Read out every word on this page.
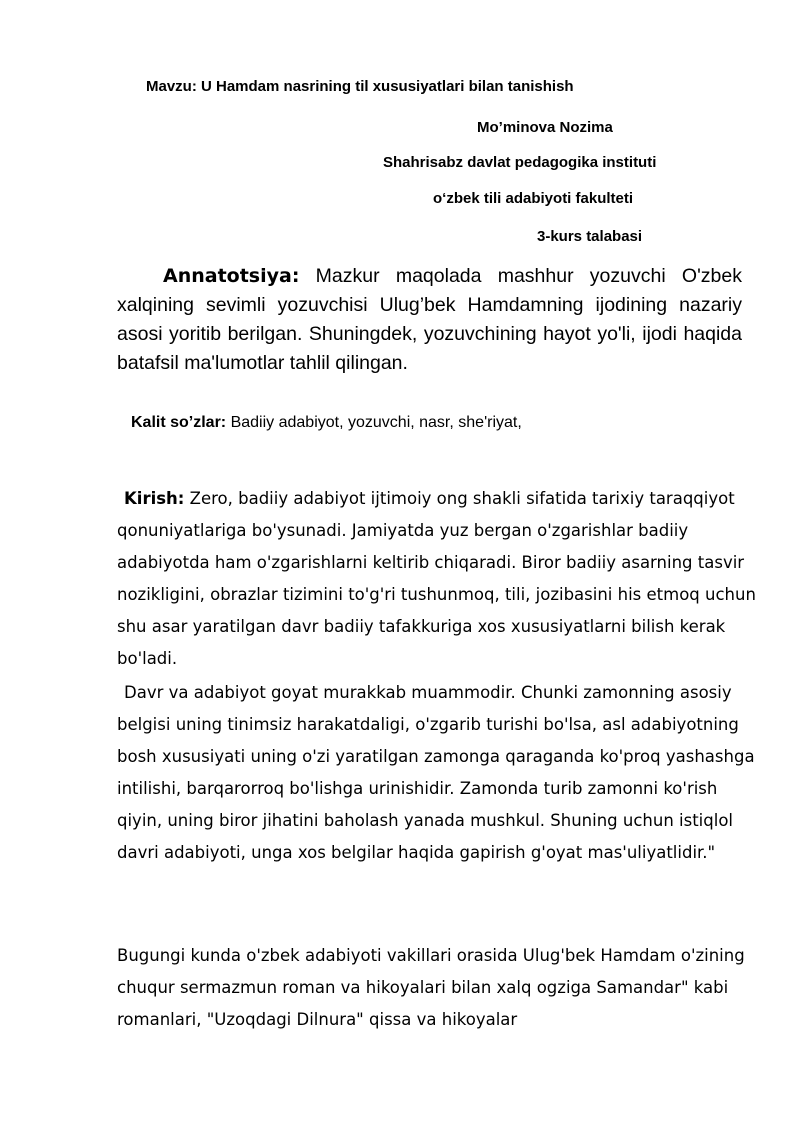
Mavzu: U Hamdam nasrining til xususiyatlari bilan tanishish
Mo’minova Nozima
Shahrisabz davlat pedagogika instituti
o‘zbek tili adabiyoti fakulteti
3-kurs talabasi
Annatotsiya: Mazkur maqolada mashhur yozuvchi O'zbek xalqining sevimli yozuvchisi Ulug’bek Hamdamning ijodining nazariy asosi yoritib berilgan. Shuningdek, yozuvchining hayot yo'li, ijodi haqida batafsil ma'lumotlar tahlil qilingan.
Kalit so’zlar: Badiiy adabiyot, yozuvchi, nasr, she'riyat,
Kirish: Zero, badiiy adabiyot ijtimoiy ong shakli sifatida tarixiy taraqqiyot qonuniyatlariga bo'ysunadi. Jamiyatda yuz bergan o'zgarishlar badiiy adabiyotda ham o'zgarishlarni keltirib chiqaradi. Biror badiiy asarning tasvir nozikligini, obrazlar tizimini to'g'ri tushunmoq, tili, jozibasini his etmoq uchun shu asar yaratilgan davr badiiy tafakkuriga xos xususiyatlarni bilish kerak bo'ladi.
Davr va adabiyot goyat murakkab muammodir. Chunki zamonning asosiy belgisi uning tinimsiz harakatdaligi, o'zgarib turishi bo'lsa, asl adabiyotning bosh xususiyati uning o'zi yaratilgan zamonga qaraganda ko'proq yashashga intilishi, barqarorroq bo'lishga urinishidir. Zamonda turib zamonni ko'rish qiyin, uning biror jihatini baholash yanada mushkul. Shuning uchun istiqlol davri adabiyoti, unga xos belgilar haqida gapirish g'oyat mas'uliyatlidir."
Bugungi kunda o'zbek adabiyoti vakillari orasida Ulug'bek Hamdam o'zining chuqur sermazmun roman va hikoyalari bilan xalq ogziga Samandar" kabi romanlari, "Uzoqdagi Dilnura" qissa va hikoyalar
